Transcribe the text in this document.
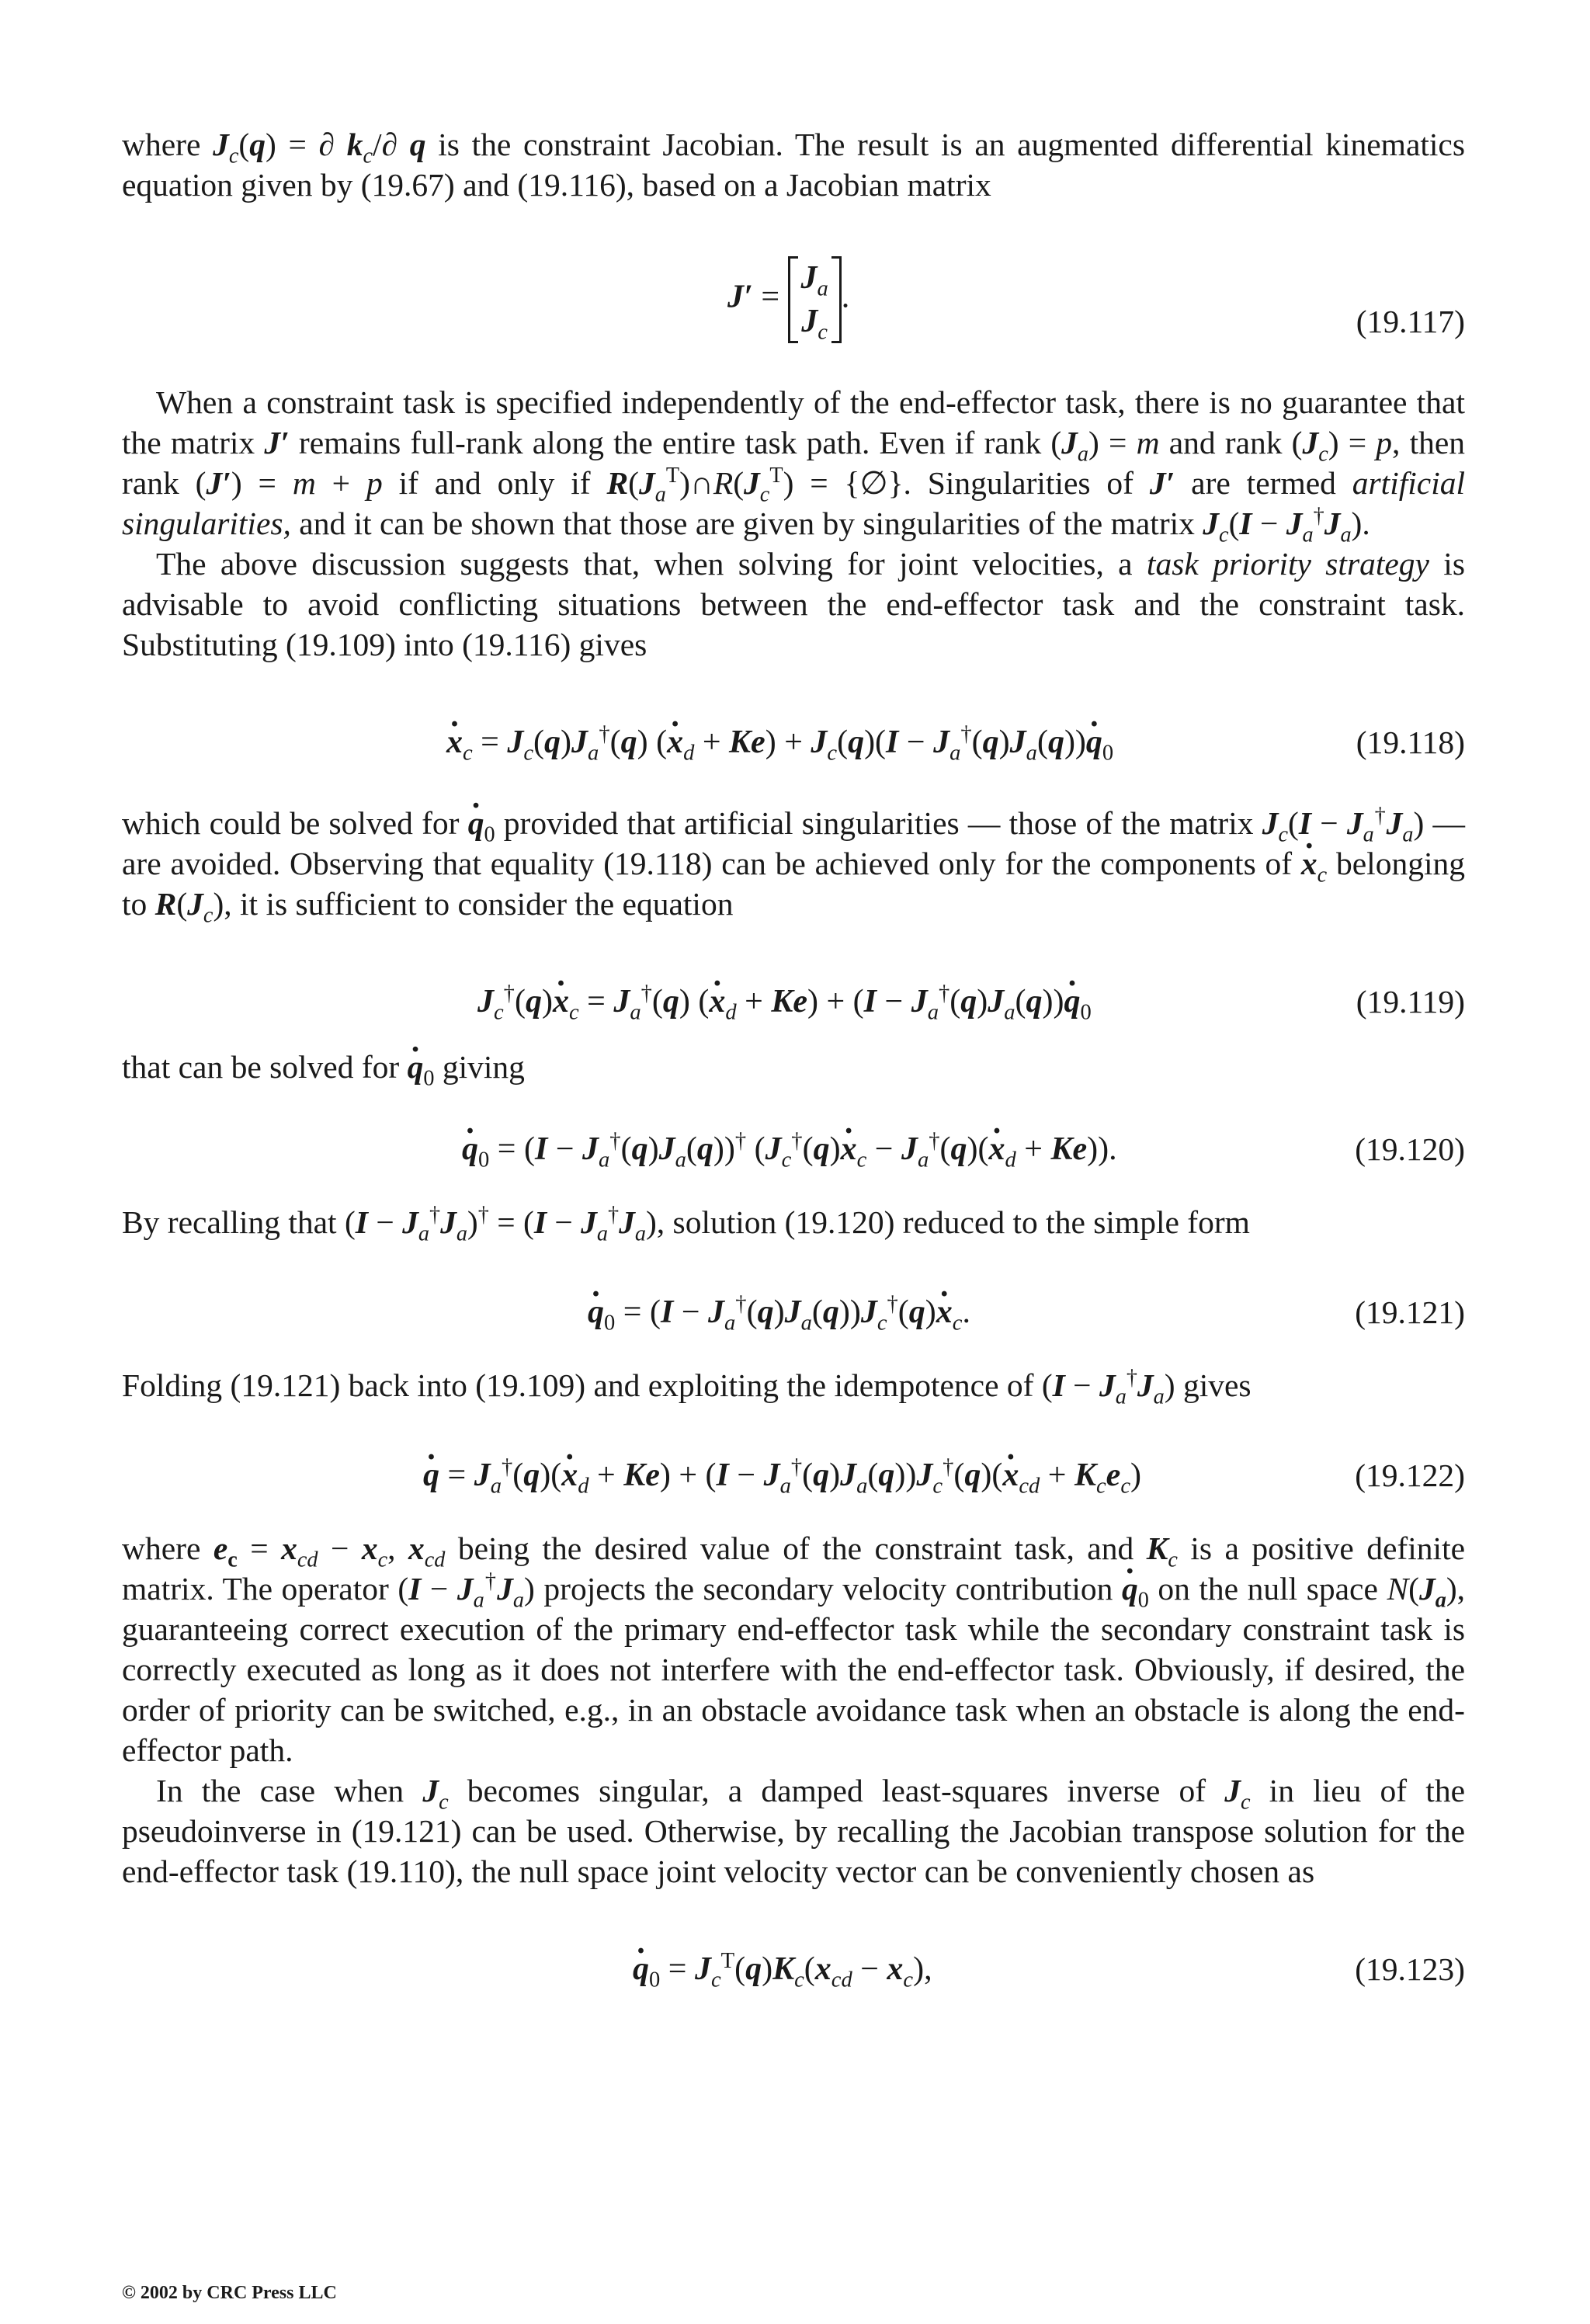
where $J_c(q)$ = ∂ $k_c/\partial$ q is the constraint Jacobian. The result is an augmented differential kinematics equation given by (19.67) and (19.116), based on a Jacobian matrix

$J' = J_a$
$J_c$.
(19.117)

When a constraint task is specified independently of the end-effector task, there is no guarantee that the matrix J′ remains full-rank along the entire task path. Even if rank $(J_a) = m$ and rank $(J_c) = p$, then rank (J′) = m + p if and only if $R(J_a^T)\cap R(J_c^T)$ = {∅}. Singularities of J′ are termed artificial singularities, and it can be shown that those are given by singularities of the matrix $J_c(I - J_a^\dagger J_a)$.

The above discussion suggests that, when solving for joint velocities, a task priority strategy is advisable to avoid conflicting situations between the end-effector task and the constraint task. Substituting (19.109) into (19.116) gives

· $x_c = J_c(q)J_a^\dagger(q)$ (· $x_d + Ke) + J_c(q)(I - J_a^\dagger(q)J_a(q))\cdot q_0$	(19.118)

which could be solved for · $q_0$ provided that artificial singularities — those of the matrix $J_c(I - J_a^\dagger J_a)$ — are avoided. Observing that equality (19.118) can be achieved only for the components of · $x_c$ belonging to $R(J_c)$, it is sufficient to consider the equation

$J_c^\dagger(q)\cdot x_c = J_a^\dagger(q)$ (· $x_d + Ke) + (I - J_a^\dagger(q)J_a(q))\cdot q_0$	(19.119)

that can be solved for · $q_0$ giving

· $q_0 = (I - J_a^\dagger(q)J_a(q))^\dagger$ $(J_c^\dagger(q)\cdot x_c - J_a^\dagger(q)(\cdot x_d + Ke))$.	(19.120)

By recalling that $(I - J_a^\dagger J_a)^\dagger = (I - J_a^\dagger J_a)$, solution (19.120) reduced to the simple form

· $q_0 = (I - J_a^\dagger(q)J_a(q))J_c^\dagger(q)\cdot x_c$.	(19.121)

Folding (19.121) back into (19.109) and exploiting the idempotence of $(I - J_a^\dagger J_a)$ gives

· $q = J_a^\dagger(q)(\cdot x_d + Ke) + (I - J_a^\dagger(q)J_a(q))J_c^\dagger(q)(\cdot x_{cd} + K_ce_c)$	(19.122)

where $e_c = x_{cd} - x_c$, $x_{cd}$ being the desired value of the constraint task, and $K_c$ is a positive definite matrix. The operator $(I - J_a^\dagger J_a)$ projects the secondary velocity contribution · $q_0$ on the null space $N(J_a)$, guaranteeing correct execution of the primary end-effector task while the secondary constraint task is correctly executed as long as it does not interfere with the end-effector task. Obviously, if desired, the order of priority can be switched, e.g., in an obstacle avoidance task when an obstacle is along the end-effector path.

In the case when $J_c$ becomes singular, a damped least-squares inverse of $J_c$ in lieu of the pseudoinverse in (19.121) can be used. Otherwise, by recalling the Jacobian transpose solution for the end-effector task (19.110), the null space joint velocity vector can be conveniently chosen as

· $q_0 = J_c^T(q)K_c(x_{cd} - x_c)$,	(19.123)
© 2002 by CRC Press LLC
